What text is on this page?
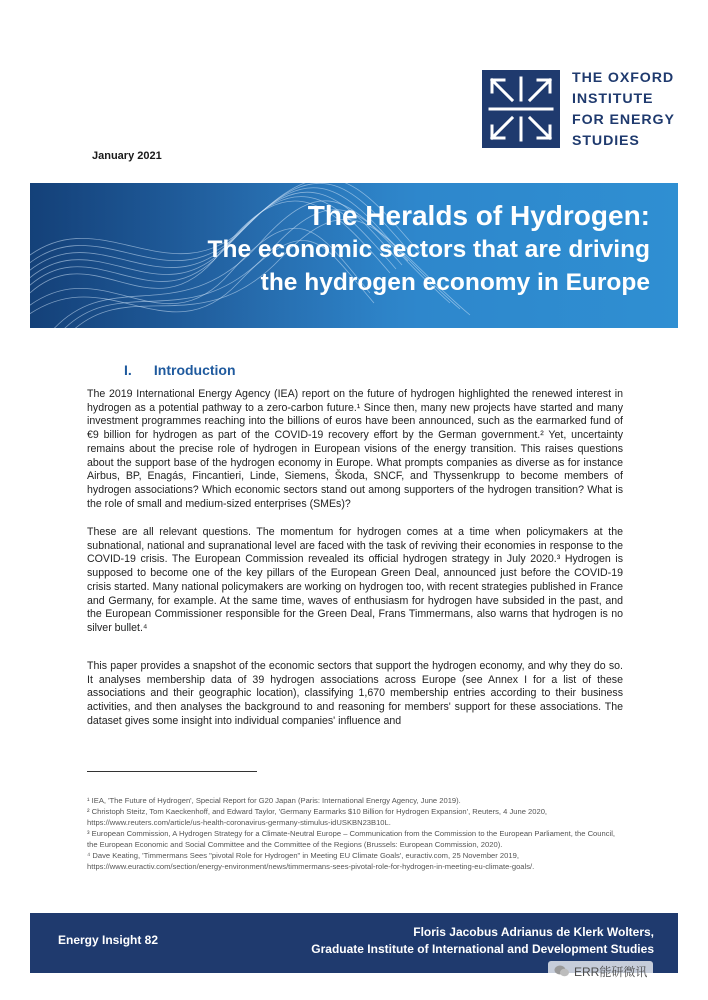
THE OXFORD
INSTITUTE
FOR ENERGY
STUDIES
January 2021
The Heralds of Hydrogen:
The economic sectors that are driving
the hydrogen economy in Europe
I. Introduction
The 2019 International Energy Agency (IEA) report on the future of hydrogen highlighted the renewed interest in hydrogen as a potential pathway to a zero-carbon future.¹ Since then, many new projects have started and many investment programmes reaching into the billions of euros have been announced, such as the earmarked fund of €9 billion for hydrogen as part of the COVID-19 recovery effort by the German government.² Yet, uncertainty remains about the precise role of hydrogen in European visions of the energy transition. This raises questions about the support base of the hydrogen economy in Europe. What prompts companies as diverse as for instance Airbus, BP, Enagás, Fincantieri, Linde, Siemens, Škoda, SNCF, and Thyssenkrupp to become members of hydrogen associations? Which economic sectors stand out among supporters of the hydrogen transition? What is the role of small and medium-sized enterprises (SMEs)?
These are all relevant questions. The momentum for hydrogen comes at a time when policymakers at the subnational, national and supranational level are faced with the task of reviving their economies in response to the COVID-19 crisis. The European Commission revealed its official hydrogen strategy in July 2020.³ Hydrogen is supposed to become one of the key pillars of the European Green Deal, announced just before the COVID-19 crisis started. Many national policymakers are working on hydrogen too, with recent strategies published in France and Germany, for example. At the same time, waves of enthusiasm for hydrogen have subsided in the past, and the European Commissioner responsible for the Green Deal, Frans Timmermans, also warns that hydrogen is no silver bullet.⁴
This paper provides a snapshot of the economic sectors that support the hydrogen economy, and why they do so. It analyses membership data of 39 hydrogen associations across Europe (see Annex I for a list of these associations and their geographic location), classifying 1,670 membership entries according to their business activities, and then analyses the background to and reasoning for members' support for these associations. The dataset gives some insight into individual companies' influence and

¹ IEA, 'The Future of Hydrogen', Special Report for G20 Japan (Paris: International Energy Agency, June 2019).

² Christoph Steitz, Tom Kaeckenhoff, and Edward Taylor, 'Germany Earmarks $10 Billion for Hydrogen Expansion', Reuters, 4 June 2020, https://www.reuters.com/article/us-health-coronavirus-germany-stimulus-idUSKBN23B10L.

³ European Commission, A Hydrogen Strategy for a Climate-Neutral Europe – Communication from the Commission to the European Parliament, the Council, the European Economic and Social Committee and the Committee of the Regions (Brussels: European Commission, 2020).

⁴ Dave Keating, 'Timmermans Sees "pivotal Role for Hydrogen" in Meeting EU Climate Goals', euractiv.com, 25 November 2019, https://www.euractiv.com/section/energy-environment/news/timmermans-sees-pivotal-role-for-hydrogen-in-meeting-eu-climate-goals/.

Energy Insight 82
Floris Jacobus Adrianus de Klerk Wolters,
Graduate Institute of International and Development Studies
ERR能研微讯
